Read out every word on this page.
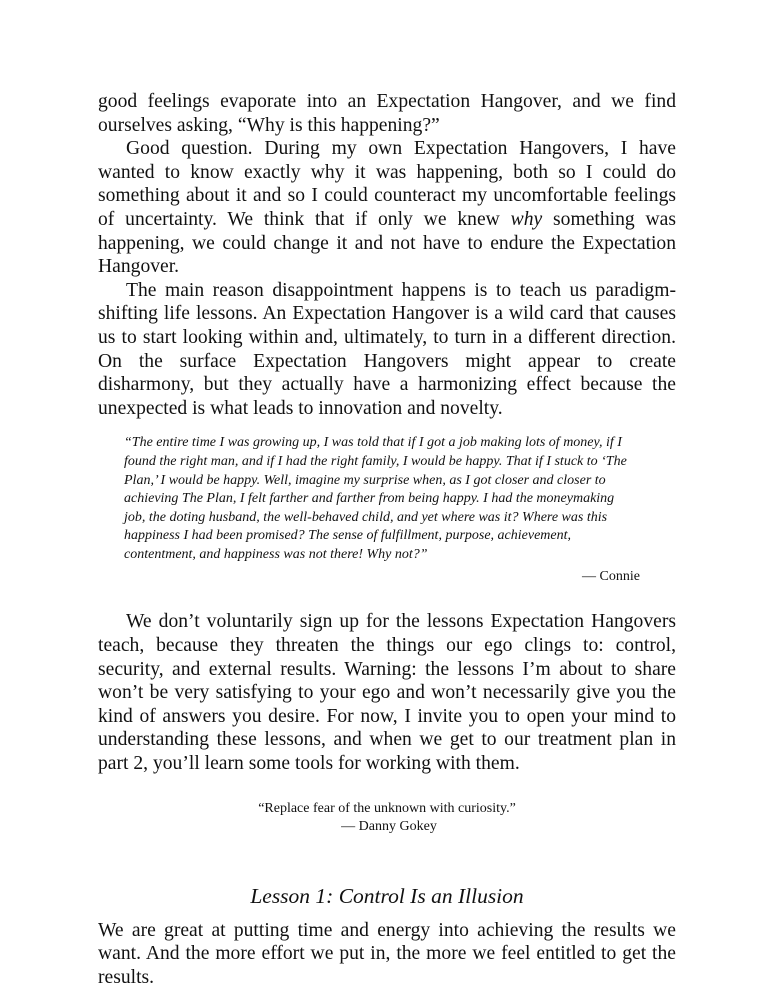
good feelings evaporate into an Expectation Hangover, and we find ourselves asking, “Why is this happening?”

Good question. During my own Expectation Hangovers, I have wanted to know exactly why it was happening, both so I could do something about it and so I could counteract my uncomfortable feelings of uncertainty. We think that if only we knew why something was happening, we could change it and not have to endure the Expectation Hangover.

The main reason disappointment happens is to teach us paradigm-shifting life lessons. An Expectation Hangover is a wild card that causes us to start looking within and, ultimately, to turn in a different direction. On the surface Expectation Hangovers might appear to create disharmony, but they actually have a harmonizing effect because the unexpected is what leads to innovation and novelty.

“The entire time I was growing up, I was told that if I got a job making lots of money, if I found the right man, and if I had the right family, I would be happy. That if I stuck to ‘The Plan,’ I would be happy. Well, imagine my surprise when, as I got closer and closer to achieving The Plan, I felt farther and farther from being happy. I had the moneymaking job, the doting husband, the well-behaved child, and yet where was it? Where was this happiness I had been promised? The sense of fulfillment, purpose, achievement, contentment, and happiness was not there! Why not?”

— Connie

We don’t voluntarily sign up for the lessons Expectation Hangovers teach, because they threaten the things our ego clings to: control, security, and external results. Warning: the lessons I’m about to share won’t be very satisfying to your ego and won’t necessarily give you the kind of answers you desire. For now, I invite you to open your mind to understanding these lessons, and when we get to our treatment plan in part 2, you’ll learn some tools for working with them.

“Replace fear of the unknown with curiosity.”
— Danny Gokey
Lesson 1: Control Is an Illusion

We are great at putting time and energy into achieving the results we want. And the more effort we put in, the more we feel entitled to get the results.
